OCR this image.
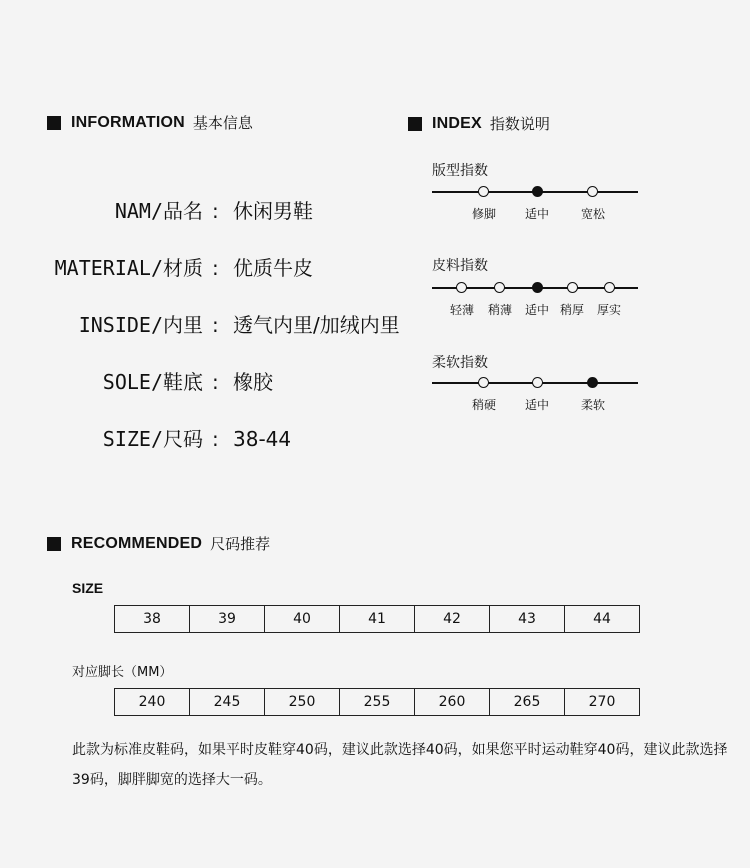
INFORMATION 基本信息
NAM/品名 : 休闲男鞋
MATERIAL/材质 : 优质牛皮
INSIDE/内里 : 透气内里/加绒内里
SOLE/鞋底 : 橡胶
SIZE/尺码 : 38-44
INDEX 指数说明
版型指数
修脚 适中	宽松
皮料指数
轻薄 稍薄 适中 稍厚 厚实
柔软指数
稍硬 适中	柔软
RECOMMENDED 尺码推荐
SIZE
38	39	40	41	42	43	44
对应脚长（MM）
240	245	250	255	260	265	270
此款为标准皮鞋码，如果平时皮鞋穿40码，建议此款选择40码，如果您平时运动鞋穿40码，建议此款选择39码，脚胖脚宽的选择大一码。
